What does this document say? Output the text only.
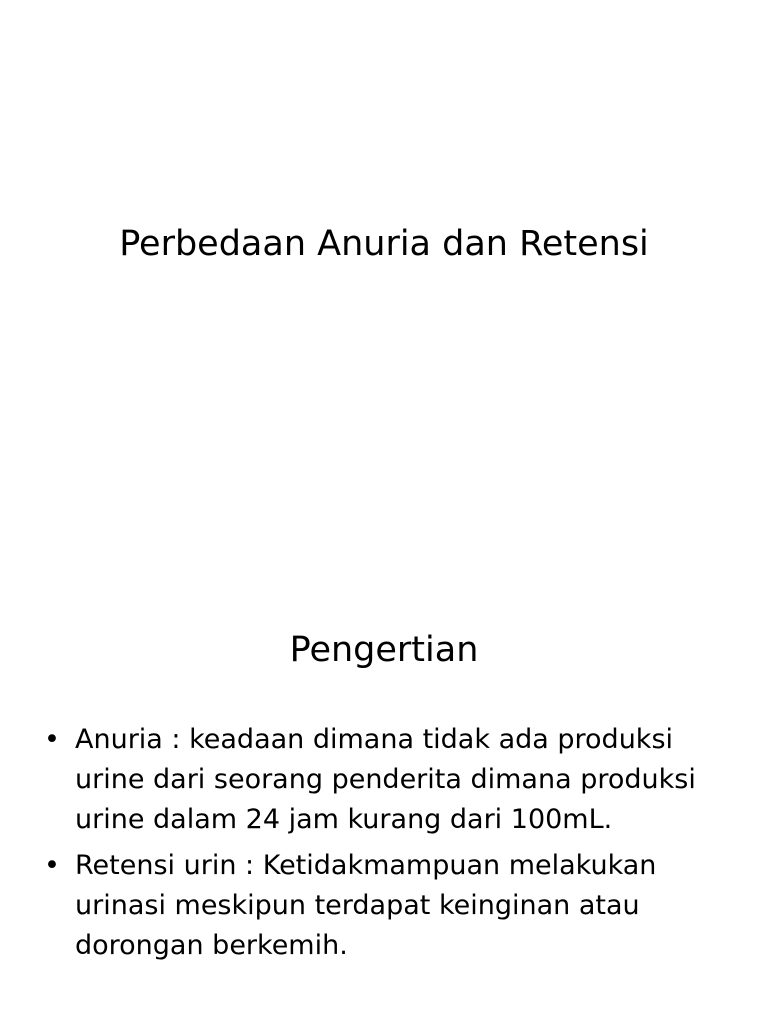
Perbedaan Anuria dan Retensi
Pengertian
• Anuria : keadaan dimana tidak ada produksi urine dari seorang penderita dimana produksi urine dalam 24 jam kurang dari 100mL.
• Retensi urin : Ketidakmampuan melakukan urinasi meskipun terdapat keinginan atau dorongan berkemih.
